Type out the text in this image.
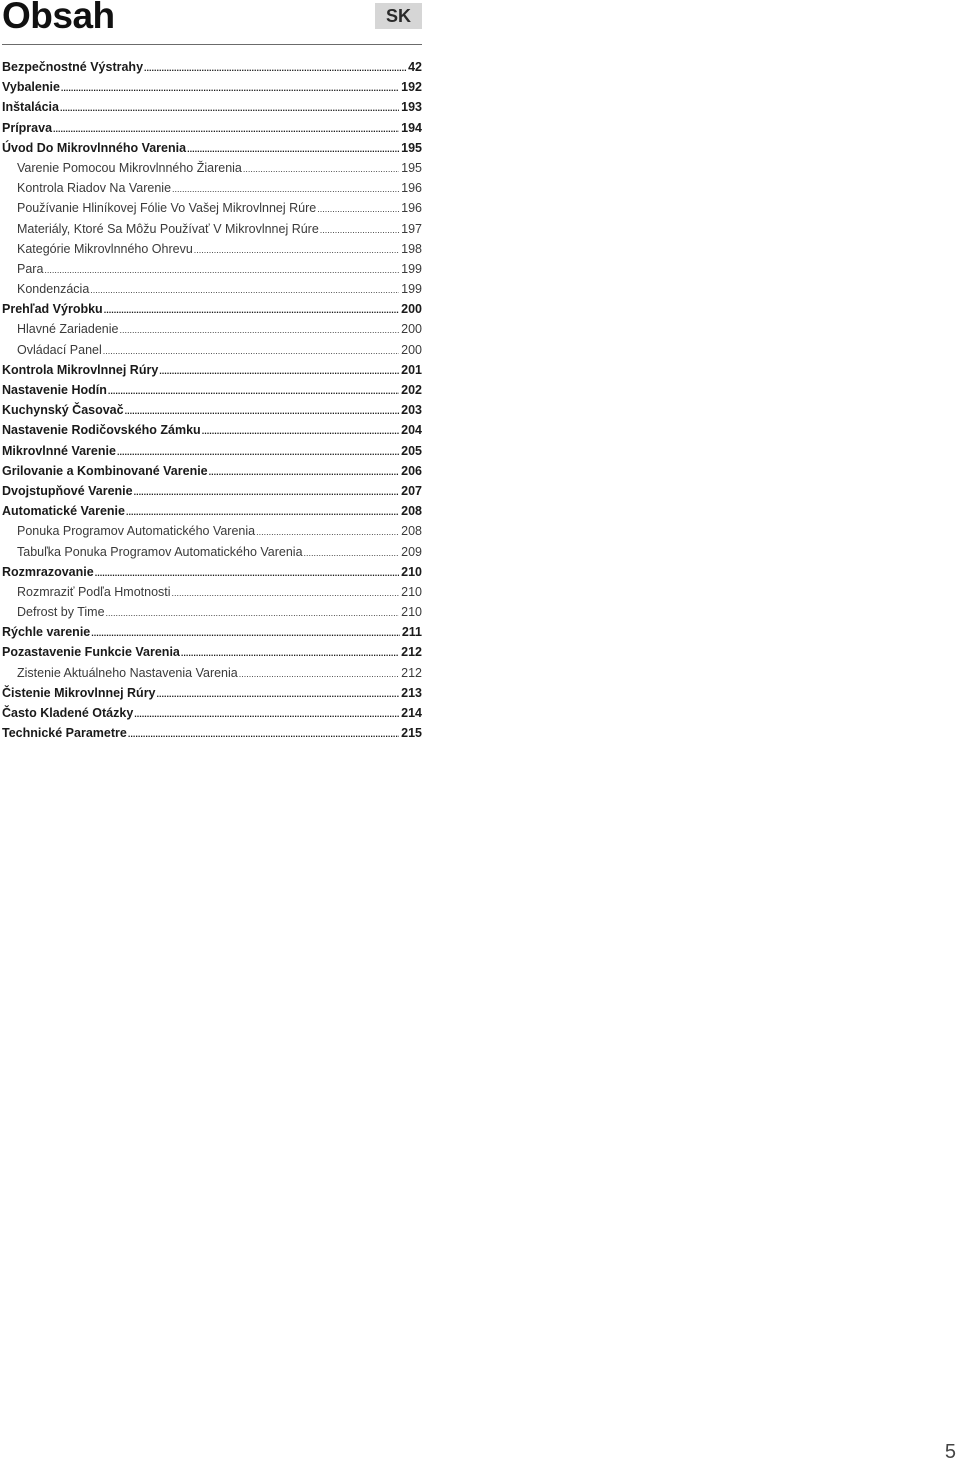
Obsah	SK
Bezpečnostné Výstrahy .....	42
Vybalenie .....	192
Inštalácia .....	193
Príprava .....	194
Úvod Do Mikrovlnného Varenia .....	195
Varenie Pomocou Mikrovlnného Žiarenia .....	195
Kontrola Riadov Na Varenie .....	196
Používanie Hliníkovej Fólie Vo Vašej Mikrovlnnej Rúre .....	196
Materiály, Ktoré Sa Môžu Používať V Mikrovlnnej Rúre .....	197
Kategórie Mikrovlnného Ohrevu .....	198
Para .....	199
Kondenzácia .....	199
Prehľad Výrobku .....	200
Hlavné Zariadenie .....	200
Ovládací Panel .....	200
Kontrola Mikrovlnnej Rúry .....	201
Nastavenie Hodín .....	202
Kuchynský Časovač .....	203
Nastavenie Rodičovského Zámku .....	204
Mikrovlnné Varenie .....	205
Grilovanie a Kombinované Varenie .....	206
Dvojstupňové Varenie .....	207
Automatické Varenie .....	208
Ponuka Programov Automatického Varenia .....	208
Tabuľka Ponuka Programov Automatického Varenia .....	209
Rozmrazovanie .....	210
Rozmraziť Podľa Hmotnosti .....	210
Defrost by Time .....	210
Rýchle varenie .....	211
Pozastavenie Funkcie Varenia .....	212
Zistenie Aktuálneho Nastavenia Varenia .....	212
Čistenie Mikrovlnnej Rúry .....	213
Často Kladené Otázky .....	214
Technické Parametre .....	215
5
